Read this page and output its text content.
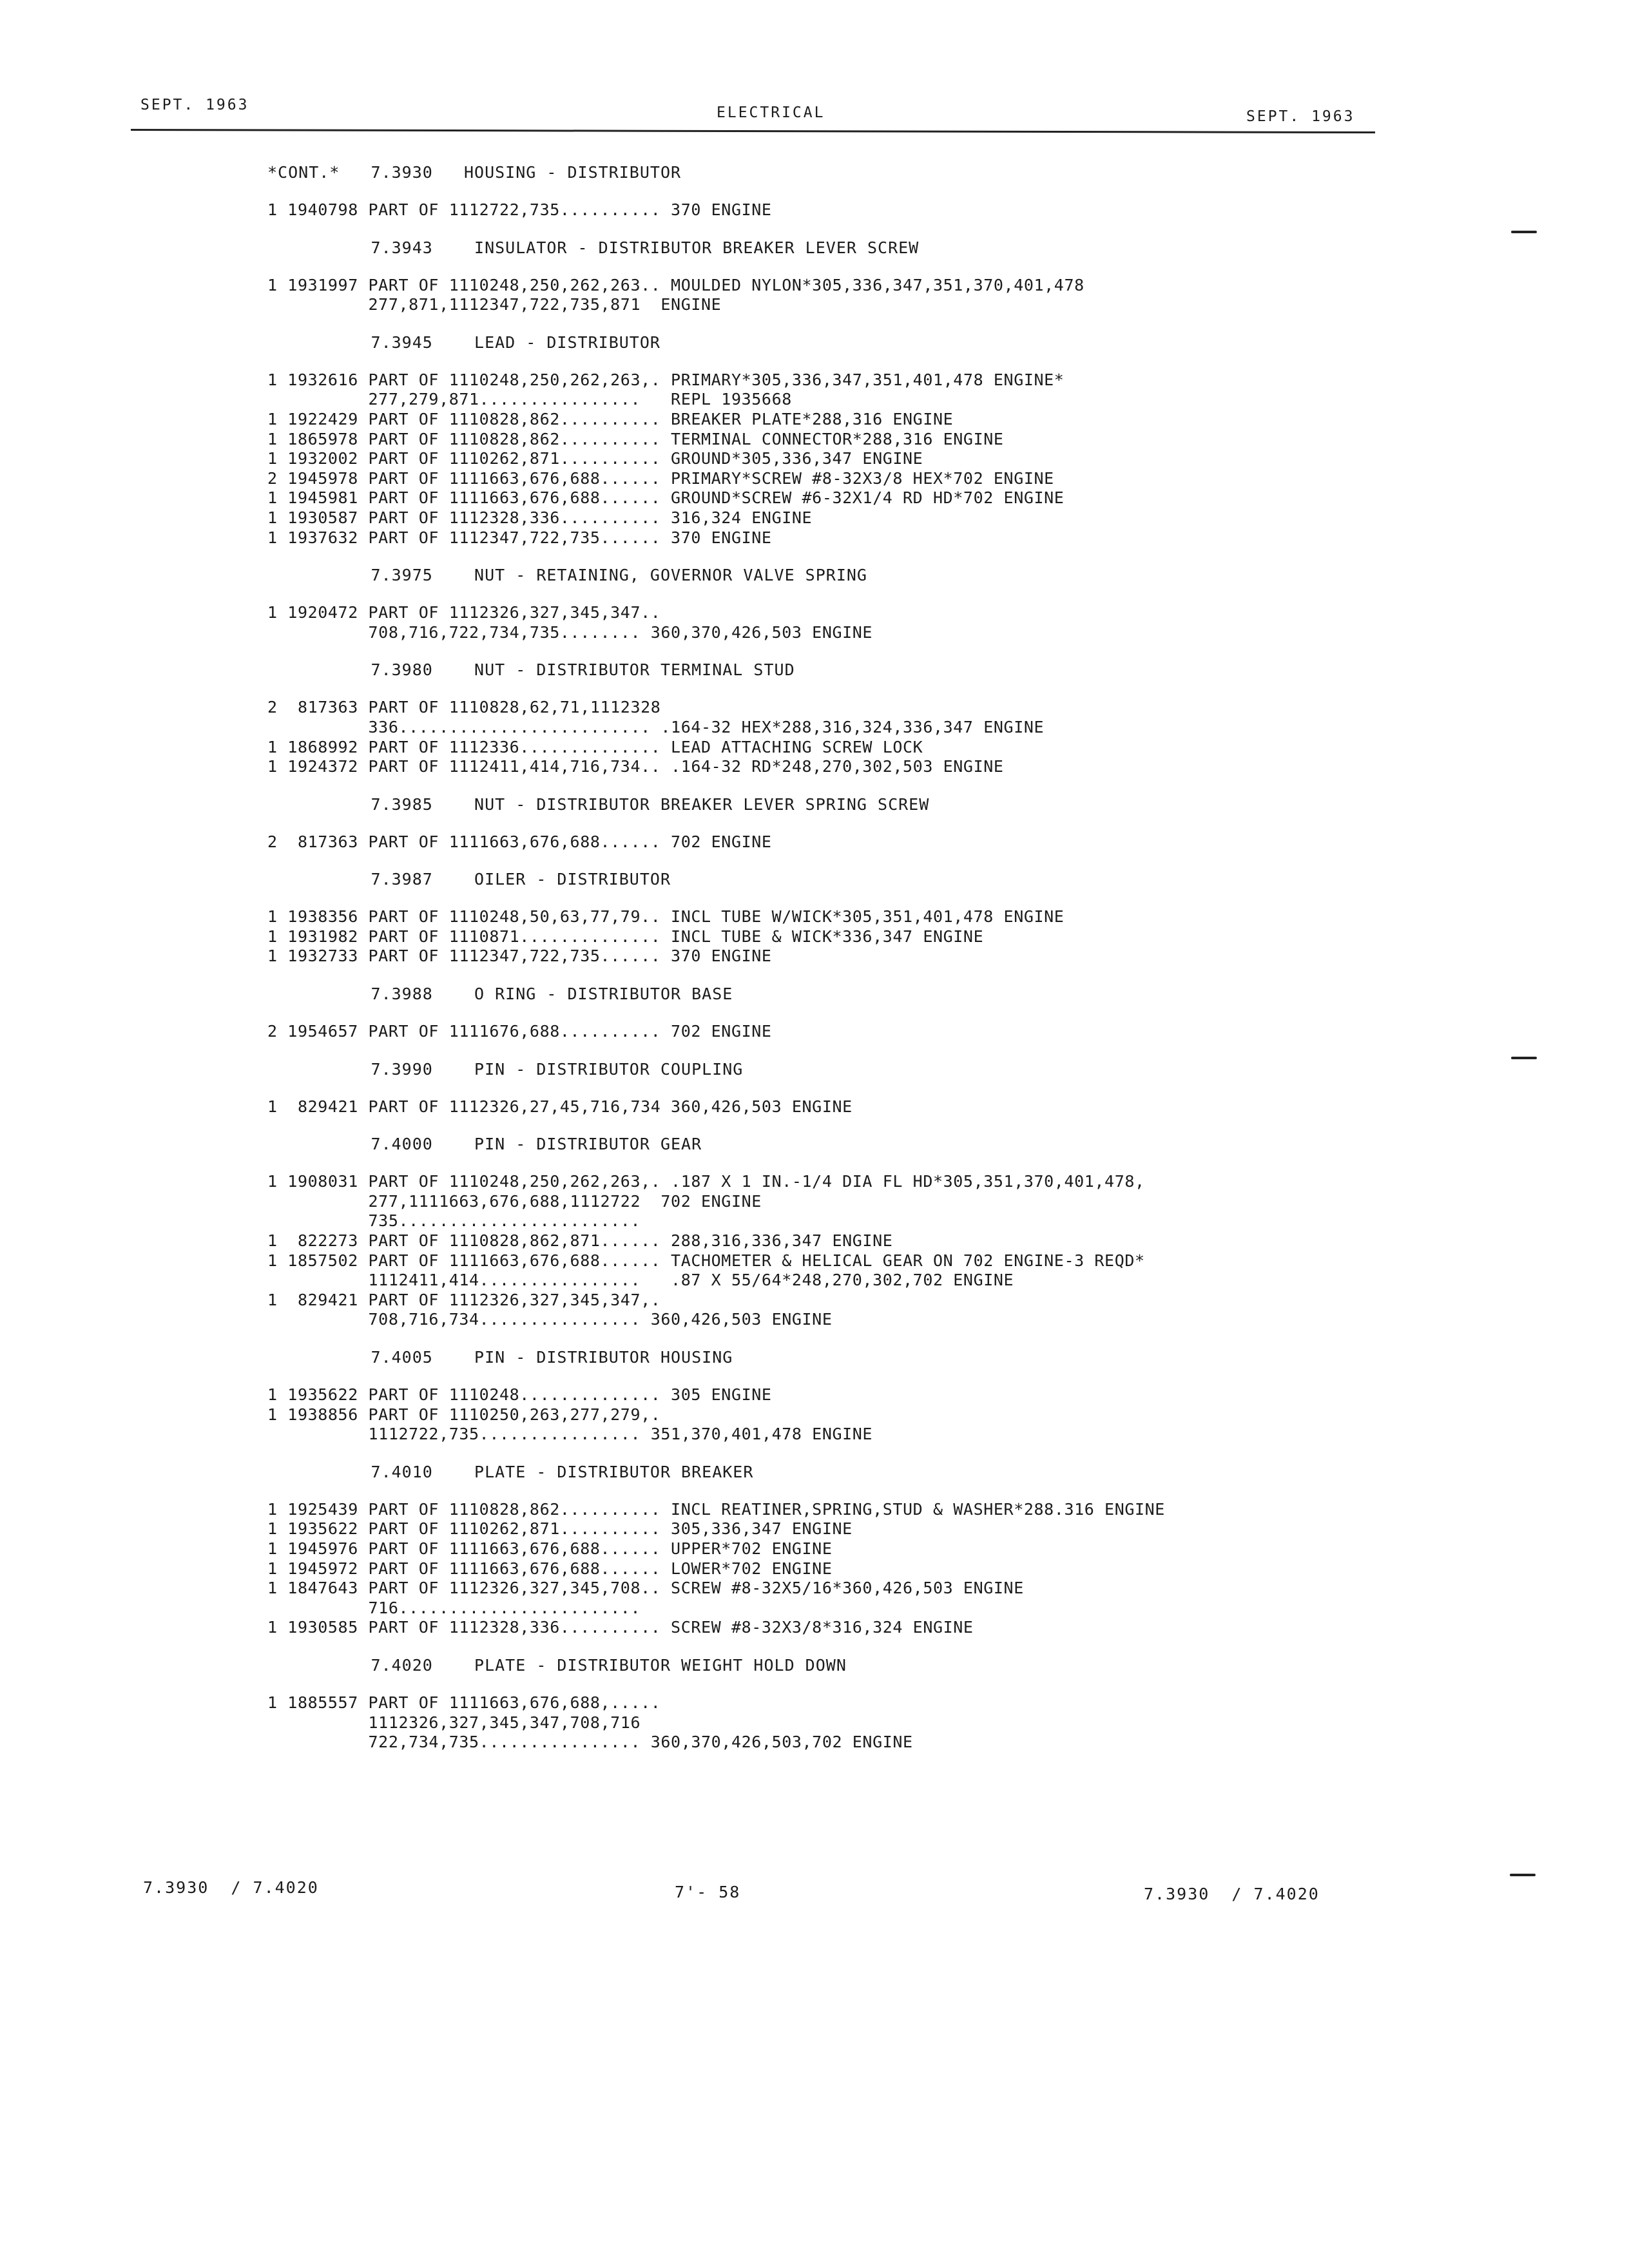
SEPT. 1963	ELECTRICAL	SEPT. 1963
*CONT.*   7.3930   HOUSING - DISTRIBUTOR
1 1940798 PART OF 1112722,735.......... 370 ENGINE
7.3943    INSULATOR - DISTRIBUTOR BREAKER LEVER SCREW
1 1931997 PART OF 1110248,250,262,263.. MOULDED NYLON*305,336,347,351,370,401,478
277,871,1112347,722,735,871  ENGINE
7.3945    LEAD - DISTRIBUTOR
1 1932616 PART OF 1110248,250,262,263,. PRIMARY*305,336,347,351,401,478 ENGINE*
277,279,871................   REPL 1935668
1 1922429 PART OF 1110828,862.......... BREAKER PLATE*288,316 ENGINE
1 1865978 PART OF 1110828,862.......... TERMINAL CONNECTOR*288,316 ENGINE
1 1932002 PART OF 1110262,871.......... GROUND*305,336,347 ENGINE
2 1945978 PART OF 1111663,676,688...... PRIMARY*SCREW #8-32X3/8 HEX*702 ENGINE
1 1945981 PART OF 1111663,676,688...... GROUND*SCREW #6-32X1/4 RD HD*702 ENGINE
1 1930587 PART OF 1112328,336.......... 316,324 ENGINE
1 1937632 PART OF 1112347,722,735...... 370 ENGINE
7.3975    NUT - RETAINING, GOVERNOR VALVE SPRING
1 1920472 PART OF 1112326,327,345,347..
708,716,722,734,735........ 360,370,426,503 ENGINE
7.3980    NUT - DISTRIBUTOR TERMINAL STUD
2  817363 PART OF 1110828,62,71,1112328
336......................... .164-32 HEX*288,316,324,336,347 ENGINE
1 1868992 PART OF 1112336.............. LEAD ATTACHING SCREW LOCK
1 1924372 PART OF 1112411,414,716,734.. .164-32 RD*248,270,302,503 ENGINE
7.3985    NUT - DISTRIBUTOR BREAKER LEVER SPRING SCREW
2  817363 PART OF 1111663,676,688...... 702 ENGINE
7.3987    OILER - DISTRIBUTOR
1 1938356 PART OF 1110248,50,63,77,79.. INCL TUBE W/WICK*305,351,401,478 ENGINE
1 1931982 PART OF 1110871.............. INCL TUBE & WICK*336,347 ENGINE
1 1932733 PART OF 1112347,722,735...... 370 ENGINE
7.3988    O RING - DISTRIBUTOR BASE
2 1954657 PART OF 1111676,688.......... 702 ENGINE
7.3990    PIN - DISTRIBUTOR COUPLING
1  829421 PART OF 1112326,27,45,716,734 360,426,503 ENGINE
7.4000    PIN - DISTRIBUTOR GEAR
1 1908031 PART OF 1110248,250,262,263,. .187 X 1 IN.-1/4 DIA FL HD*305,351,370,401,478,
277,1111663,676,688,1112722  702 ENGINE
735........................
1  822273 PART OF 1110828,862,871...... 288,316,336,347 ENGINE
1 1857502 PART OF 1111663,676,688...... TACHOMETER & HELICAL GEAR ON 702 ENGINE-3 REQD*
1112411,414................   .87 X 55/64*248,270,302,702 ENGINE
1  829421 PART OF 1112326,327,345,347,.
708,716,734................ 360,426,503 ENGINE
7.4005    PIN - DISTRIBUTOR HOUSING
1 1935622 PART OF 1110248.............. 305 ENGINE
1 1938856 PART OF 1110250,263,277,279,.
1112722,735................ 351,370,401,478 ENGINE
7.4010    PLATE - DISTRIBUTOR BREAKER
1 1925439 PART OF 1110828,862.......... INCL REATINER,SPRING,STUD & WASHER*288.316 ENGINE
1 1935622 PART OF 1110262,871.......... 305,336,347 ENGINE
1 1945976 PART OF 1111663,676,688...... UPPER*702 ENGINE
1 1945972 PART OF 1111663,676,688...... LOWER*702 ENGINE
1 1847643 PART OF 1112326,327,345,708.. SCREW #8-32X5/16*360,426,503 ENGINE
716........................
1 1930585 PART OF 1112328,336.......... SCREW #8-32X3/8*316,324 ENGINE
7.4020    PLATE - DISTRIBUTOR WEIGHT HOLD DOWN
1 1885557 PART OF 1111663,676,688,.....
1112326,327,345,347,708,716
722,734,735................ 360,370,426,503,702 ENGINE
7.3930  / 7.4020	7'- 58	7.3930  / 7.4020
